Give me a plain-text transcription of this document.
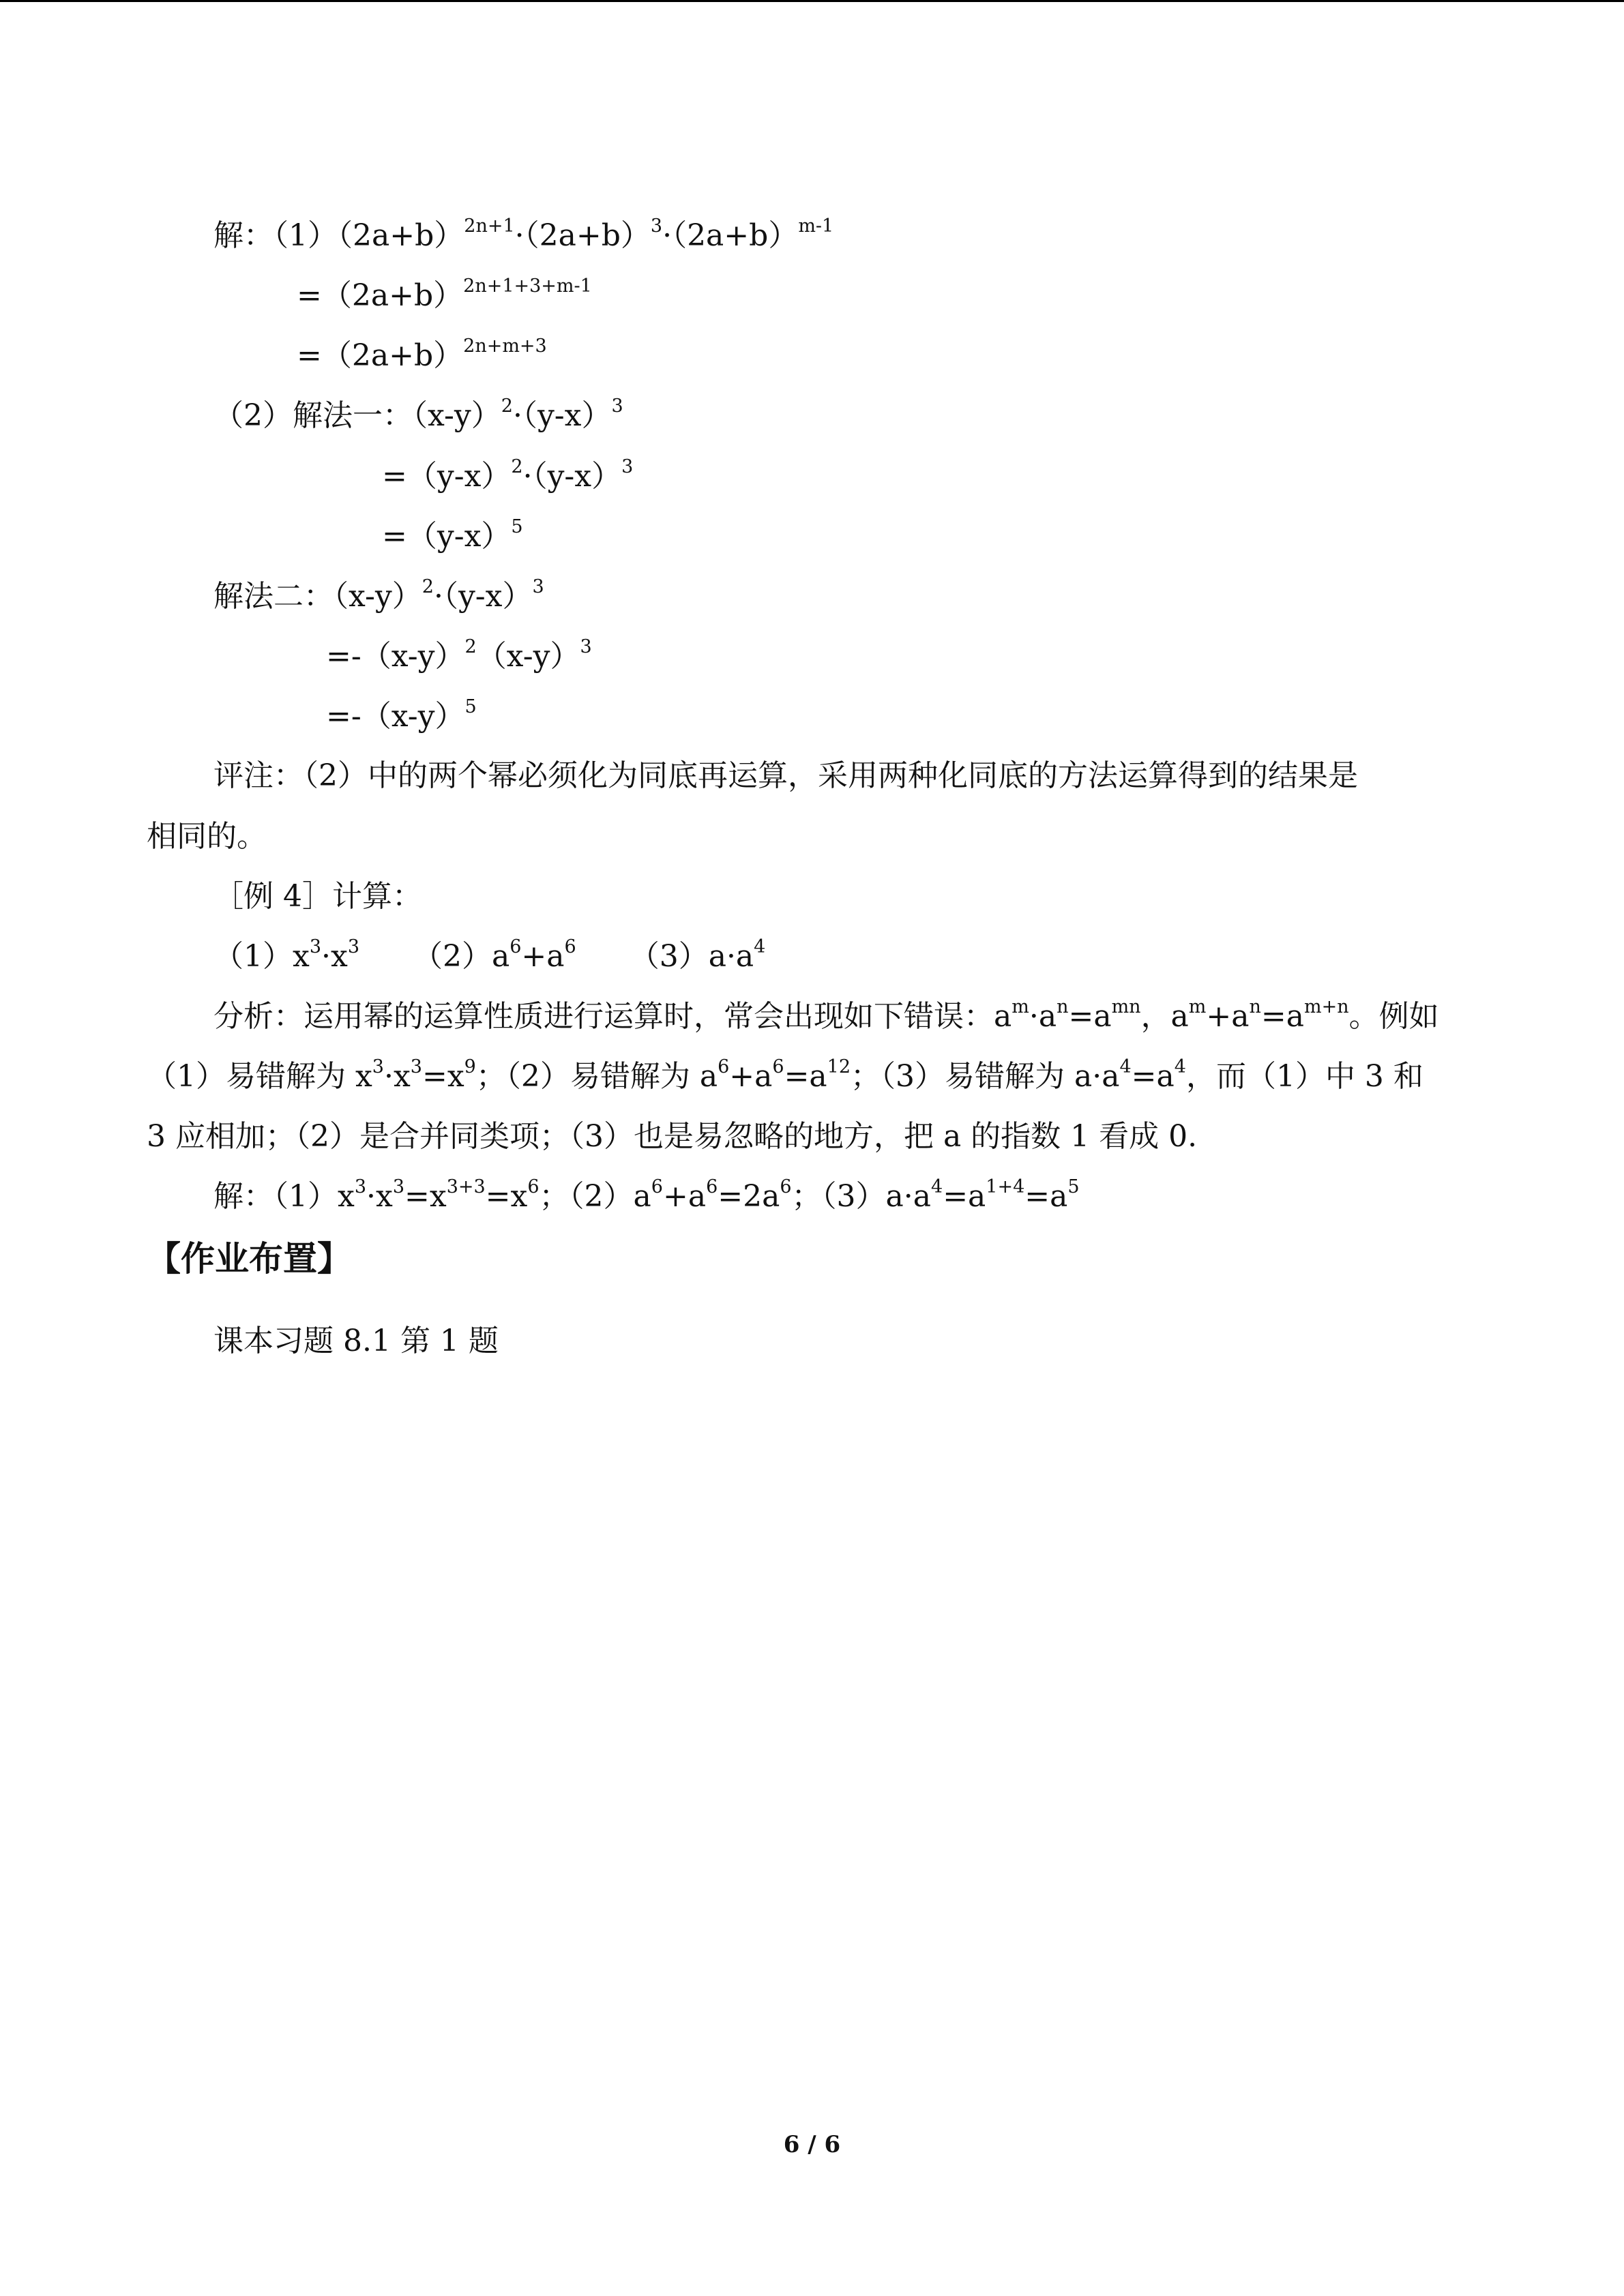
解：$(1)(2a+b)^{2n+1}\cdot(2a+b)^3\cdot(2a+b)^{m-1}$
$=(2a+b)^{2n+1+3+m-1}$
$=(2a+b)^{2n+m+3}$
（2）解法一：$(x-y)^2\cdot(y-x)^3$
$=(y-x)^2\cdot(y-x)^3$
$=(y-x)^5$
解法二：$(x-y)^2\cdot(y-x)^3$
$=-(x-y)^2(x-y)^3$
$=-(x-y)^5$
评注：（2）中的两个幂必须化为同底再运算，采用两种化同底的方法运算得到的结果是
相同的。
［例 4］计算：
$(1)x^3\cdot x^3$ $(2)a^6+a^6$ $(3)a\cdot a^4$
分析：运用幂的运算性质进行运算时，常会出现如下错误：$a^m\cdot a^n=a^{mn}$，$a^m+a^n=a^{m+n}$。例如
（1）易错解为 $x^3\cdot x^3=x^9$；（2）易错解为 $a^6+a^6=a^{12}$；（3）易错解为 $a\cdot a^4=a^4$，而（1）中 3 和
3 应相加；（2）是合并同类项；（3）也是易忽略的地方，把 a 的指数 1 看成 0.
解：$(1)x^3\cdot x^3=x^{3+3}=x^6$；$(2)a^6+a^6=2a^6$；$(3)a\cdot a^4=a^{1+4}=a^5$
【作业布置】
课本习题 8.1 第 1 题
6 / 6
